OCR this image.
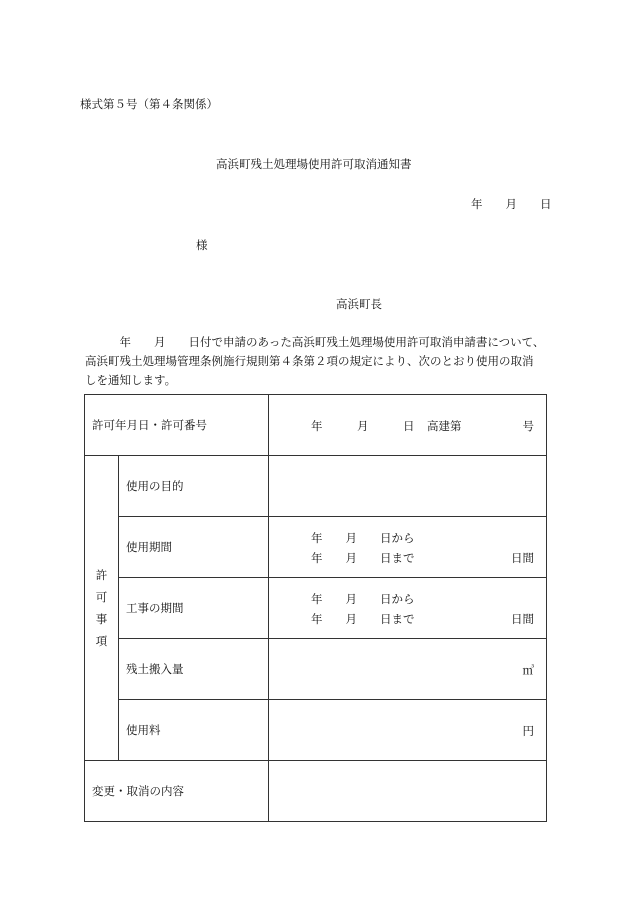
様式第５号（第４条関係）
高浜町残土処理場使用許可取消通知書
年　　月　　日
様
高浜町長
　　　年　　月　　日付で申請のあった高浜町残土処理場使用許可取消申請書について、
高浜町残土処理場管理条例施行規則第４条第２項の規定により、次のとおり使用の取消
しを通知します。
許可年月日・許可番号		年　　　月　　　日 高建第 号

許
可
事
項	使用の目的	
	使用期間	年　　月　　日から
年　　月　　日まで 日間

	工事の期間	年　　月　　日から
年　　月　　日まで 日間

	残土搬入量	㎥

	使用料	円

変更・取消の内容		
